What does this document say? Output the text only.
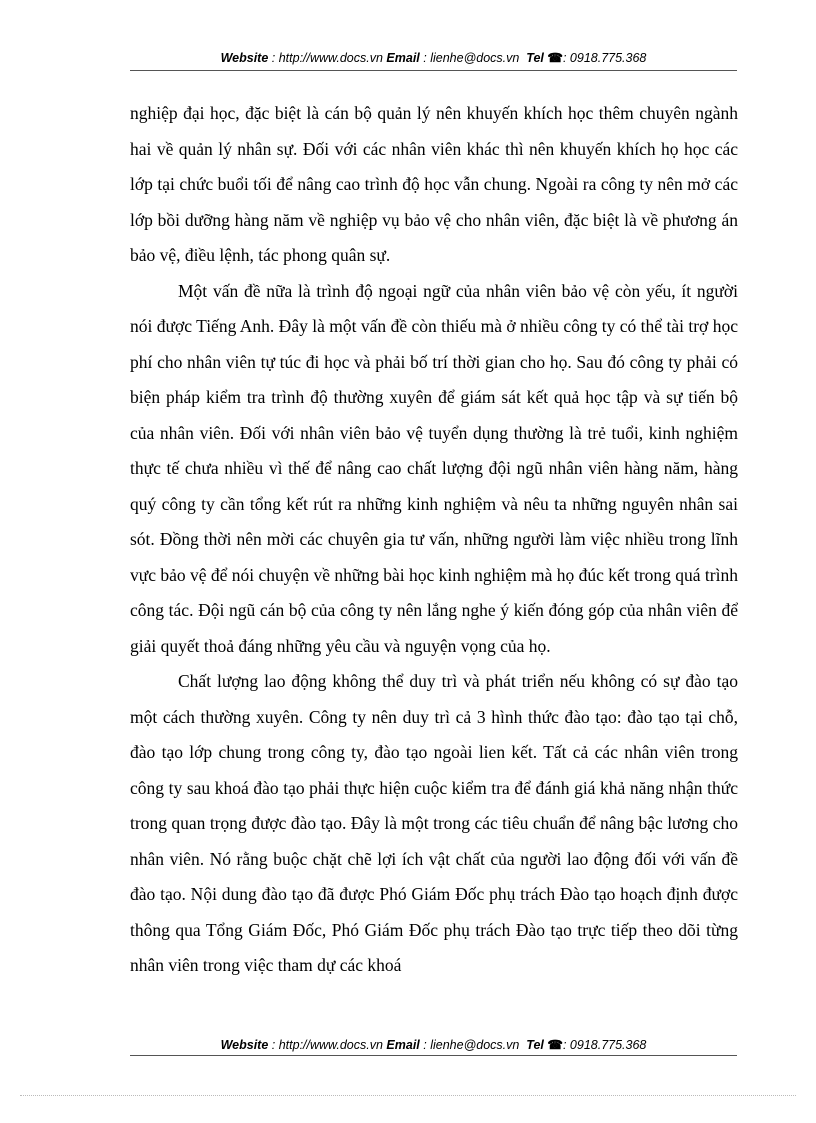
Website : http://www.docs.vn Email : lienhe@docs.vn Tel ☎: 0918.775.368

nghiệp đại học, đặc biệt là cán bộ quản lý nên khuyến khích học thêm chuyên ngành hai về quản lý nhân sự. Đối với các nhân viên khác thì nên khuyến khích họ học các lớp tại chức buổi tối để nâng cao trình độ học vẫn chung. Ngoài ra công ty nên mở các lớp bồi dưỡng hàng năm về nghiệp vụ bảo vệ cho nhân viên, đặc biệt là về phương án bảo vệ, điều lệnh, tác phong quân sự.

Một vấn đề nữa là trình độ ngoại ngữ của nhân viên bảo vệ còn yếu, ít người nói được Tiếng Anh. Đây là một vấn đề còn thiếu mà ở nhiều công ty có thể tài trợ học phí cho nhân viên tự túc đi học và phải bố trí thời gian cho họ. Sau đó công ty phải có biện pháp kiểm tra trình độ thường xuyên để giám sát kết quả học tập và sự tiến bộ của nhân viên. Đối với nhân viên bảo vệ tuyển dụng thường là trẻ tuổi, kinh nghiệm thực tế chưa nhiều vì thế để nâng cao chất lượng đội ngũ nhân viên hàng năm, hàng quý công ty cần tổng kết rút ra những kinh nghiệm và nêu ta những nguyên nhân sai sót. Đồng thời nên mời các chuyên gia tư vấn, những người làm việc nhiều trong lĩnh vực bảo vệ để nói chuyện về những bài học kinh nghiệm mà họ đúc kết trong quá trình công tác. Đội ngũ cán bộ của công ty nên lắng nghe ý kiến đóng góp của nhân viên để giải quyết thoả đáng những yêu cầu và nguyện vọng của họ.

Chất lượng lao động không thể duy trì và phát triển nếu không có sự đào tạo một cách thường xuyên. Công ty nên duy trì cả 3 hình thức đào tạo: đào tạo tại chỗ, đào tạo lớp chung trong công ty, đào tạo ngoài lien kết. Tất cả các nhân viên trong công ty sau khoá đào tạo phải thực hiện cuộc kiểm tra để đánh giá khả năng nhận thức trong quan trọng được đào tạo. Đây là một trong các tiêu chuẩn để nâng bậc lương cho nhân viên. Nó rằng buộc chặt chẽ lợi ích vật chất của người lao động đối với vấn đề đào tạo. Nội dung đào tạo đã được Phó Giám Đốc phụ trách Đào tạo hoạch định được thông qua Tổng Giám Đốc, Phó Giám Đốc phụ trách Đào tạo trực tiếp theo dõi từng nhân viên trong việc tham dự các khoá

Website : http://www.docs.vn Email : lienhe@docs.vn Tel ☎: 0918.775.368
